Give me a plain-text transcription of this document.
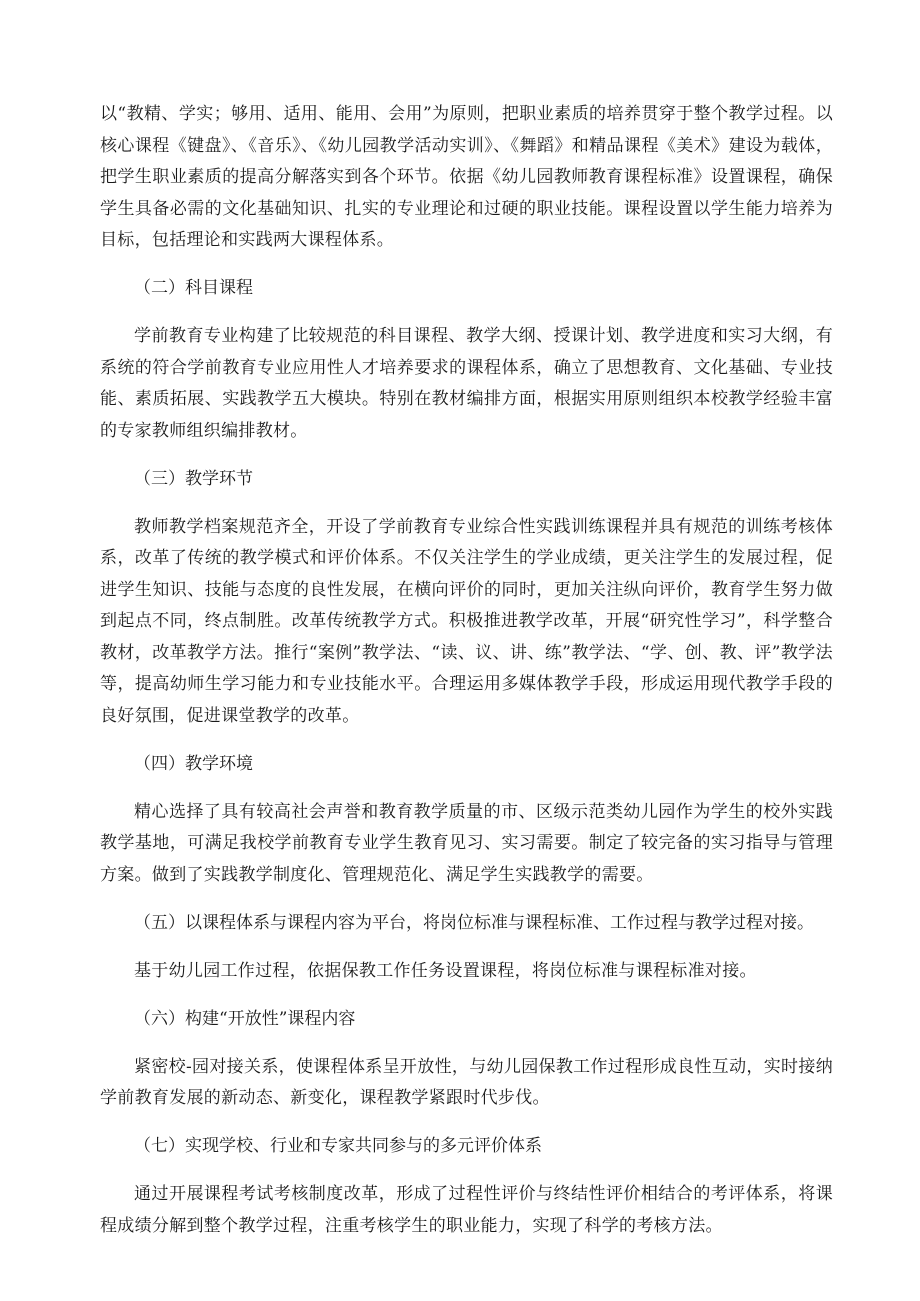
以“教精、学实；够用、适用、能用、会用”为原则，把职业素质的培养贯穿于整个教学过程。以核心课程《键盘》、《音乐》、《幼儿园教学活动实训》、《舞蹈》和精品课程《美术》建设为载体，把学生职业素质的提高分解落实到各个环节。依据《幼儿园教师教育课程标准》设置课程，确保学生具备必需的文化基础知识、扎实的专业理论和过硬的职业技能。课程设置以学生能力培养为目标，包括理论和实践两大课程体系。

（二）科目课程

学前教育专业构建了比较规范的科目课程、教学大纲、授课计划、教学进度和实习大纲，有系统的符合学前教育专业应用性人才培养要求的课程体系，确立了思想教育、文化基础、专业技能、素质拓展、实践教学五大模块。特别在教材编排方面，根据实用原则组织本校教学经验丰富的专家教师组织编排教材。

（三）教学环节

教师教学档案规范齐全，开设了学前教育专业综合性实践训练课程并具有规范的训练考核体系，改革了传统的教学模式和评价体系。不仅关注学生的学业成绩，更关注学生的发展过程，促进学生知识、技能与态度的良性发展，在横向评价的同时，更加关注纵向评价，教育学生努力做到起点不同，终点制胜。改革传统教学方式。积极推进教学改革，开展“研究性学习”，科学整合教材，改革教学方法。推行“案例”教学法、“读、议、讲、练”教学法、“学、创、教、评”教学法等，提高幼师生学习能力和专业技能水平。合理运用多媒体教学手段，形成运用现代教学手段的良好氛围，促进课堂教学的改革。

（四）教学环境

精心选择了具有较高社会声誉和教育教学质量的市、区级示范类幼儿园作为学生的校外实践教学基地，可满足我校学前教育专业学生教育见习、实习需要。制定了较完备的实习指导与管理方案。做到了实践教学制度化、管理规范化、满足学生实践教学的需要。

（五）以课程体系与课程内容为平台，将岗位标准与课程标准、工作过程与教学过程对接。

基于幼儿园工作过程，依据保教工作任务设置课程，将岗位标准与课程标准对接。

（六）构建“开放性”课程内容

紧密校-园对接关系，使课程体系呈开放性，与幼儿园保教工作过程形成良性互动，实时接纳学前教育发展的新动态、新变化，课程教学紧跟时代步伐。

（七）实现学校、行业和专家共同参与的多元评价体系

通过开展课程考试考核制度改革，形成了过程性评价与终结性评价相结合的考评体系，将课程成绩分解到整个教学过程，注重考核学生的职业能力，实现了科学的考核方法。
